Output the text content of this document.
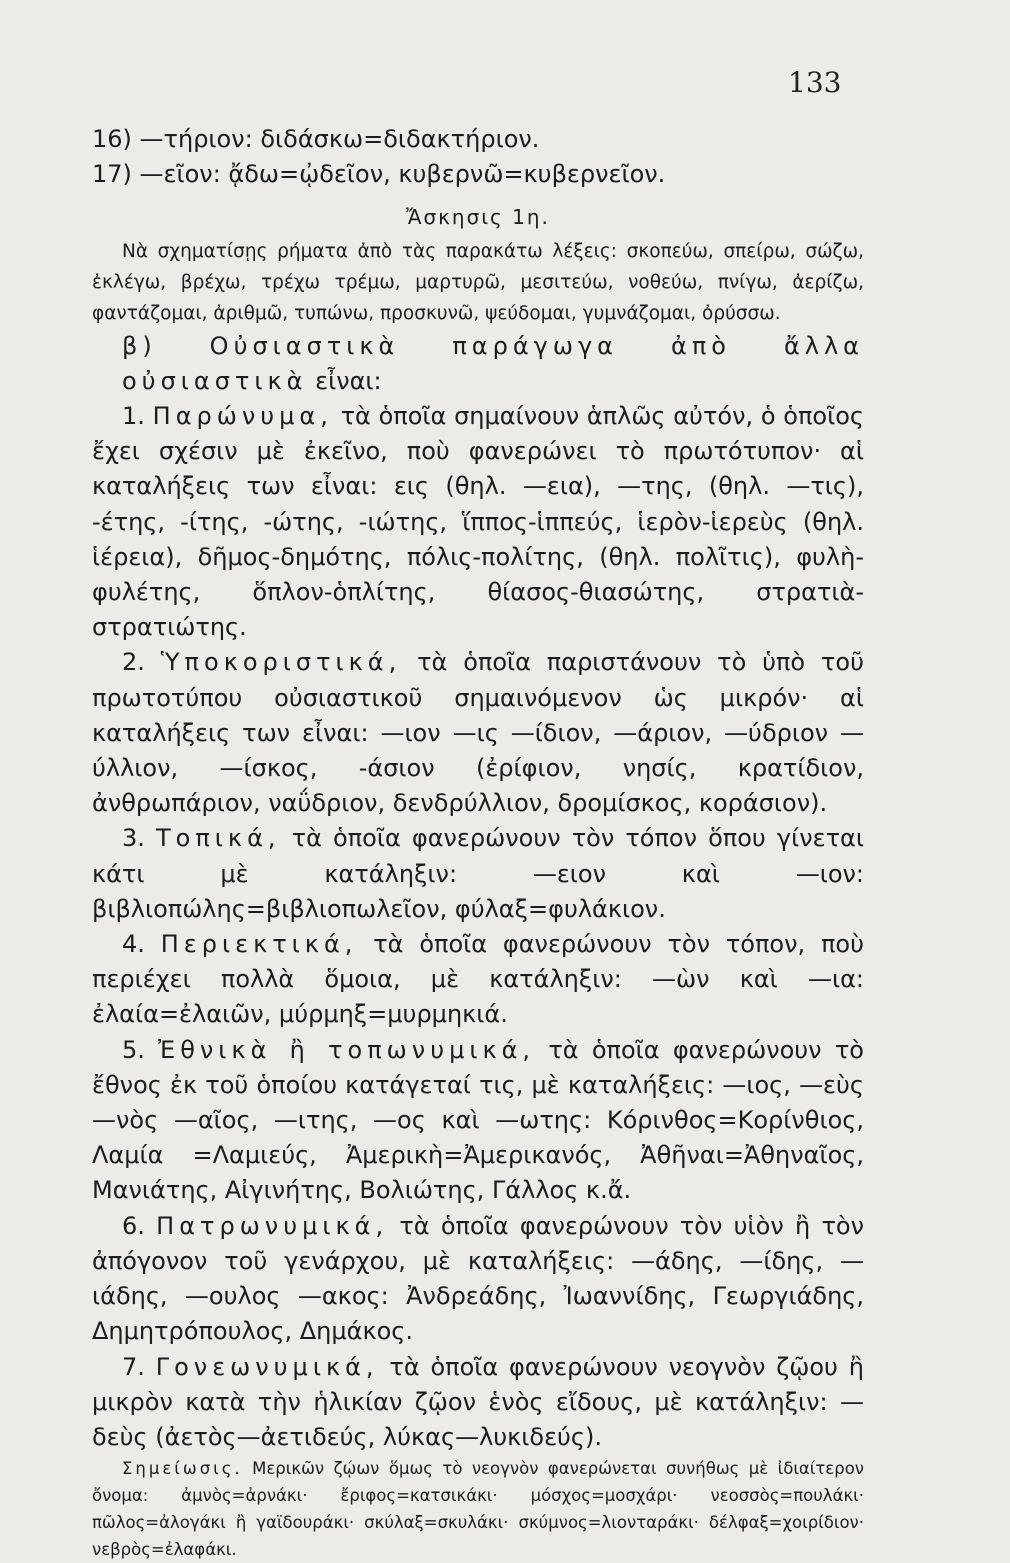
133

16) —τήριον: διδάσκω=διδακτήριον.

17) —εῖον: ᾄδω=ᾠδεῖον, κυβερνῶ=κυβερνεῖον.

Ἄσκησις 1η.

Νὰ σχηματίσῃς ρήματα ἀπὸ τὰς παρακάτω λέξεις: σκοπεύω, σπείρω, σώζω, ἐκλέγω, βρέχω, τρέχω τρέμω, μαρτυρῶ, μεσιτεύω, νοθεύω, πνίγω, ἀερίζω, φαντάζομαι, ἀριθμῶ, τυπώνω, προσκυνῶ, ψεύδομαι, γυμνάζομαι, ὀρύσσω.

β) Οὐσιαστικὰ παράγωγα ἀπὸ ἄλλα οὐσιαστικὰ εἶναι:

1. Παρώνυμα, τὰ ὁποῖα σημαίνουν ἁπλῶς αὐτόν, ὁ ὁποῖος ἔχει σχέσιν μὲ ἐκεῖνο, ποὺ φανερώνει τὸ πρωτότυπον· αἱ καταλήξεις των εἶναι: εις (θηλ. —εια), —της, (θηλ. —τις), -έτης, -ίτης, -ώτης, -ιώτης, ἵππος-ἱππεύς, ἱερὸν-ἱερεὺς (θηλ. ἱέρεια), δῆμος-δημότης, πόλις-πολίτης, (θηλ. πολῖτις), φυλὴ-φυλέτης, ὅπλον-ὁπλίτης, θίασος-θιασώτης, στρατιὰ-στρατιώτης.

2. Ὑποκοριστικά, τὰ ὁποῖα παριστάνουν τὸ ὑπὸ τοῦ πρωτοτύπου οὐσιαστικοῦ σημαινόμενον ὡς μικρόν· αἱ καταλήξεις των εἶναι: —ιον —ις —ίδιον, —άριον, —ύδριον —ύλλιον, —ίσκος, -άσιον (ἐρίφιον, νησίς, κρατίδιον, ἀνθρωπάριον, ναΰδριον, δενδρύλλιον, δρομίσκος, κοράσιον).

3. Τοπικά, τὰ ὁποῖα φανερώνουν τὸν τόπον ὅπου γίνεται κάτι μὲ κατάληξιν: —ειον καὶ —ιον: βιβλιοπώλης=βιβλιοπωλεῖον, φύλαξ=φυλάκιον.

4. Περιεκτικά, τὰ ὁποῖα φανερώνουν τὸν τόπον, ποὺ περιέχει πολλὰ ὅμοια, μὲ κατάληξιν: —ὼν καὶ —ια: ἐλαία=ἐλαιῶν, μύρμηξ=μυρμηκιά.

5. Ἐθνικὰ ἢ τοπωνυμικά, τὰ ὁποῖα φανερώνουν τὸ ἔθνος ἐκ τοῦ ὁποίου κατάγεταί τις, μὲ καταλήξεις: —ιος, —εὺς —νὸς —αῖος, —ιτης, —ος καὶ —ωτης: Κόρινθος=Κορίνθιος, Λαμία =Λαμιεύς, Ἀμερικὴ=Ἀμερικανός, Ἀθῆναι=Ἀθηναῖος, Μανιάτης, Αἰγινήτης, Βολιώτης, Γάλλος κ.ἄ.

6. Πατρωνυμικά, τὰ ὁποῖα φανερώνουν τὸν υἱὸν ἢ τὸν ἀπόγονον τοῦ γενάρχου, μὲ καταλήξεις: —άδης, —ίδης, —ιάδης, —ουλος —ακος: Ἀνδρεάδης, Ἰωαννίδης, Γεωργιάδης, Δημητρόπουλος, Δημάκος.

7. Γονεωνυμικά, τὰ ὁποῖα φανερώνουν νεογνὸν ζῷου ἢ μικρὸν κατὰ τὴν ἡλικίαν ζῷον ἑνὸς εἴδους, μὲ κατάληξιν: —δεὺς (ἀετὸς—ἀετιδεύς, λύκας—λυκιδεύς).

Σημείωσις. Μερικῶν ζῴων ὅμως τὸ νεογνὸν φανερώνεται συνήθως μὲ ἰδιαίτερον ὄνομα: ἀμνὸς=ἀρνάκι· ἔριφος=κατσικάκι· μόσχος=μοσχάρι· νεοσσὸς=πουλάκι· πῶλος=ἀλογάκι ἢ γαϊδουράκι· σκύλαξ=σκυλάκι· σκύμνος=λιονταράκι· δέλφαξ=χοιρίδιον· νεβρὸς=ἐλαφάκι.
